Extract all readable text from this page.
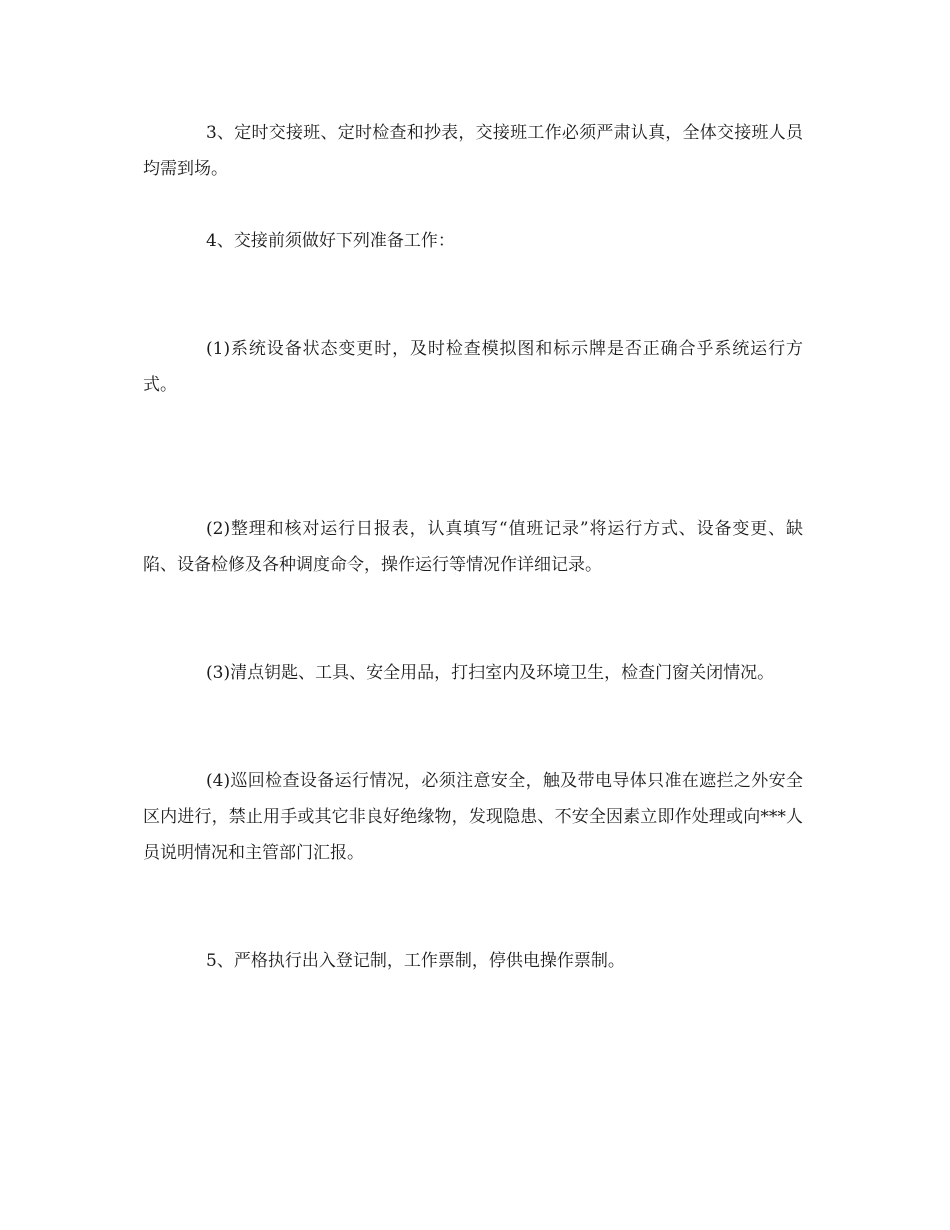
3、定时交接班、定时检查和抄表，交接班工作必须严肃认真，全体交接班人员均需到场。

4、交接前须做好下列准备工作：

(1)系统设备状态变更时，及时检查模拟图和标示牌是否正确合乎系统运行方式。

(2)整理和核对运行日报表，认真填写“值班记录”将运行方式、设备变更、缺陷、设备检修及各种调度命令，操作运行等情况作详细记录。

(3)清点钥匙、工具、安全用品，打扫室内及环境卫生，检查门窗关闭情况。

(4)巡回检查设备运行情况，必须注意安全，触及带电导体只准在遮拦之外安全区内进行，禁止用手或其它非良好绝缘物，发现隐患、不安全因素立即作处理或向***人员说明情况和主管部门汇报。

5、严格执行出入登记制，工作票制，停供电操作票制。
